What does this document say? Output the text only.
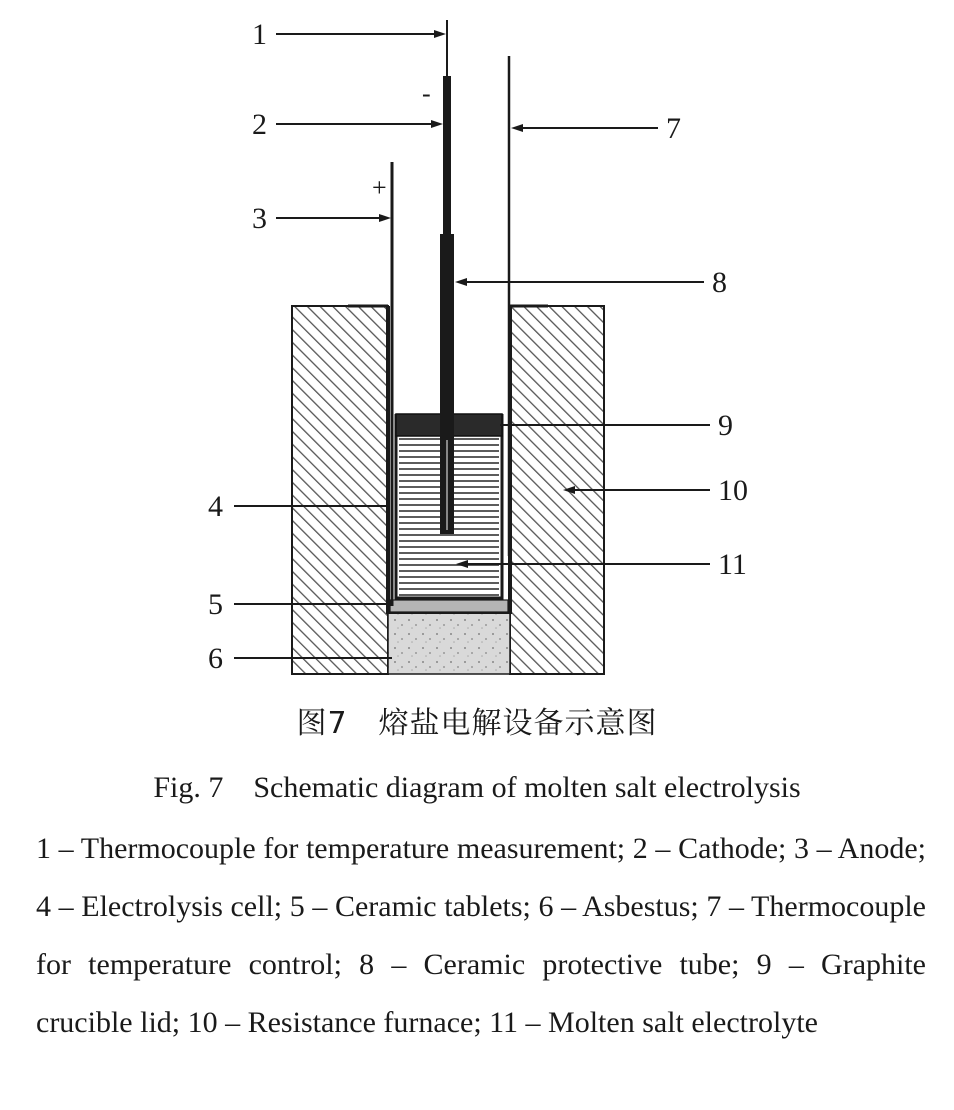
-
+
1
2
3
4
5
6
7
8
9
10
11
图7　熔盐电解设备示意图
Fig. 7　Schematic diagram of molten salt electrolysis
1 – Thermocouple for temperature measurement; 2 – Cathode; 3 – Anode; 4 – Electrolysis cell; 5 – Ceramic tablets; 6 – Asbestus; 7 – Thermocouple for temperature control; 8 – Ceramic protective tube; 9 – Graphite crucible lid; 10 – Resistance furnace; 11 – Molten salt electrolyte
